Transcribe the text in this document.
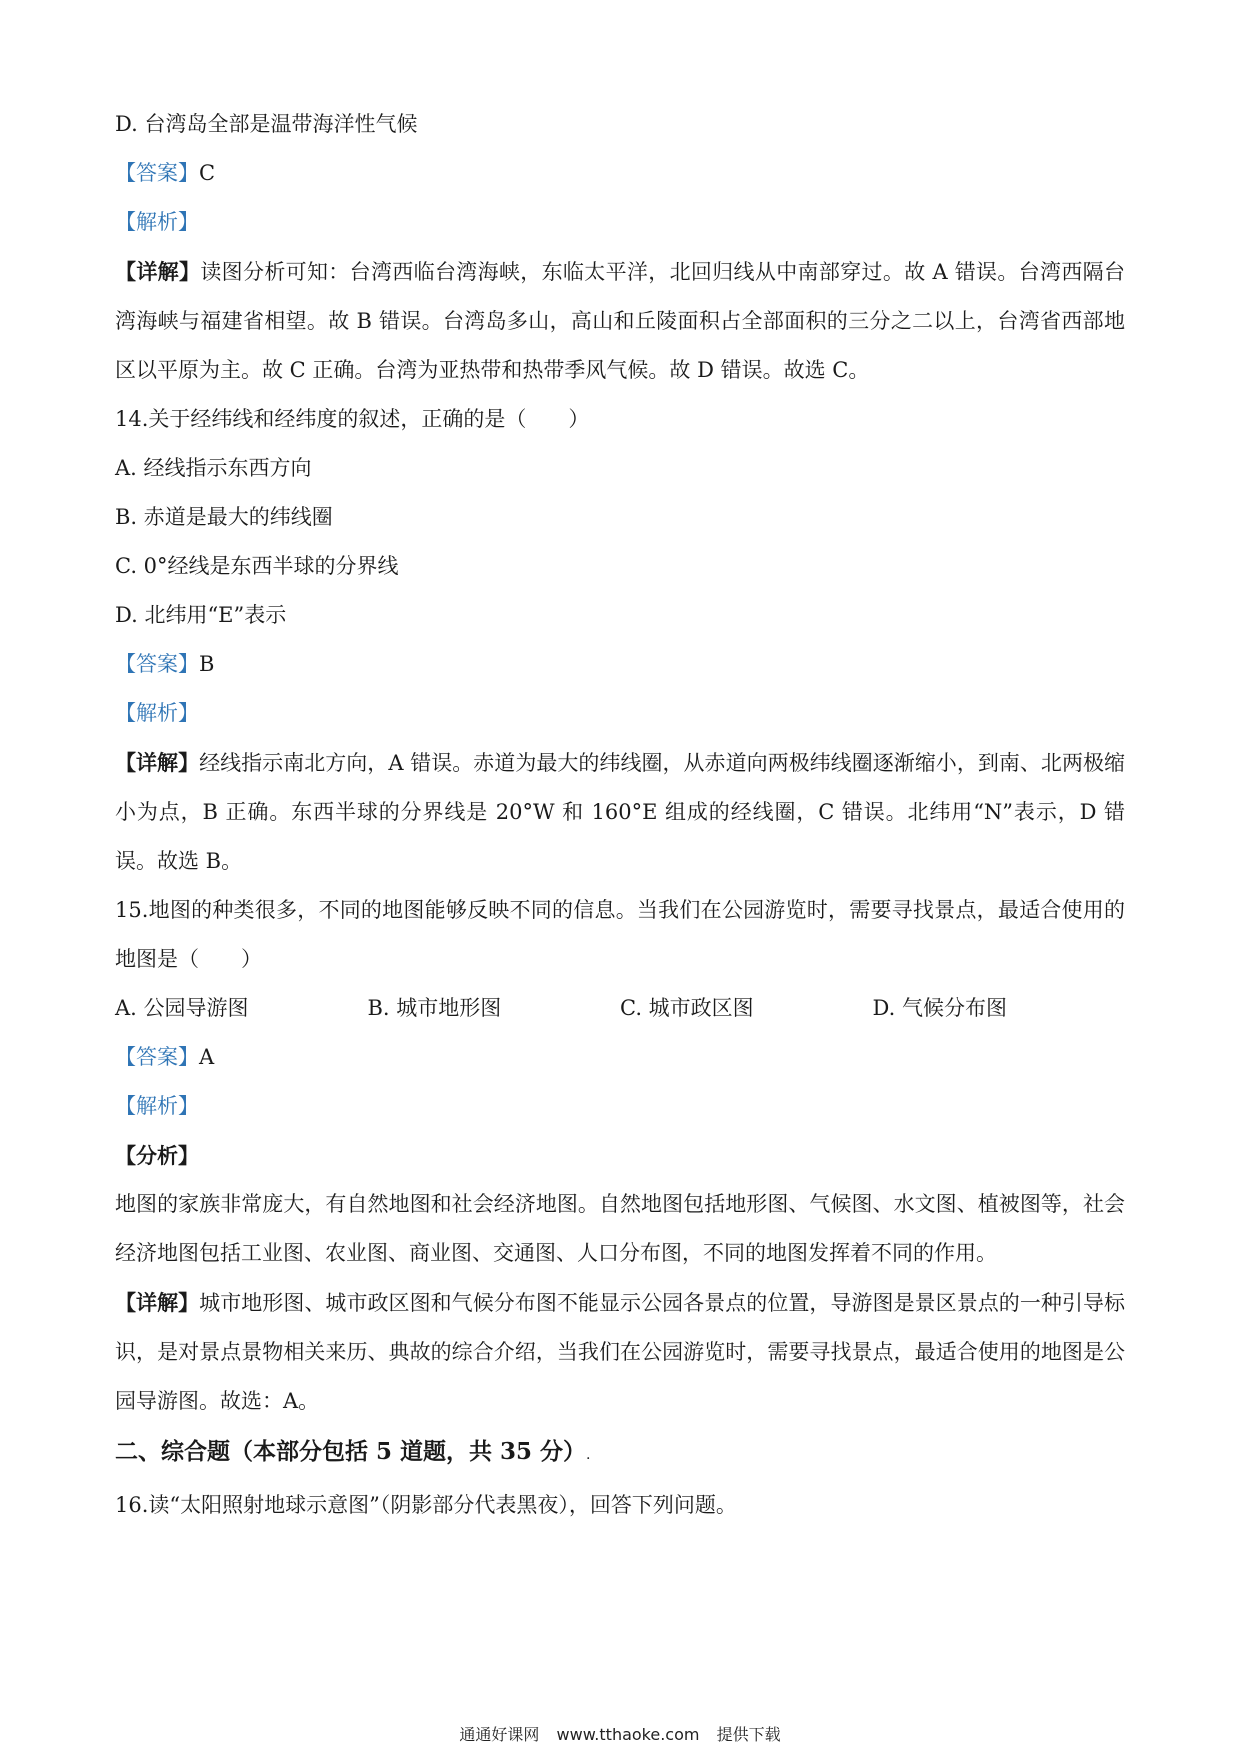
D. 台湾岛全部是温带海洋性气候

【答案】C

【解析】

【详解】读图分析可知：台湾西临台湾海峡，东临太平洋，北回归线从中南部穿过。故 A 错误。台湾西隔台湾海峡与福建省相望。故 B 错误。台湾岛多山，高山和丘陵面积占全部面积的三分之二以上，台湾省西部地区以平原为主。故 C 正确。台湾为亚热带和热带季风气候。故 D 错误。故选 C。

14.关于经纬线和经纬度的叙述，正确的是（　　）

A. 经线指示东西方向

B. 赤道是最大的纬线圈

C. 0°经线是东西半球的分界线

D. 北纬用“E”表示

【答案】B

【解析】

【详解】经线指示南北方向，A 错误。赤道为最大的纬线圈，从赤道向两极纬线圈逐渐缩小，到南、北两极缩小为点，B 正确。东西半球的分界线是 20°W 和 160°E 组成的经线圈，C 错误。北纬用“N”表示，D 错误。故选 B。

15.地图的种类很多，不同的地图能够反映不同的信息。当我们在公园游览时，需要寻找景点，最适合使用的地图是（　　）

A. 公园导游图	B. 城市地形图	C. 城市政区图	D. 气候分布图

【答案】A

【解析】

【分析】

地图的家族非常庞大，有自然地图和社会经济地图。自然地图包括地形图、气候图、水文图、植被图等，社会经济地图包括工业图、农业图、商业图、交通图、人口分布图，不同的地图发挥着不同的作用。

【详解】城市地形图、城市政区图和气候分布图不能显示公园各景点的位置，导游图是景区景点的一种引导标识，是对景点景物相关来历、典故的综合介绍，当我们在公园游览时，需要寻找景点，最适合使用的地图是公园导游图。故选：A。

二、综合题（本部分包括 5 道题，共 35 分）.

16.读“太阳照射地球示意图”（阴影部分代表黑夜），回答下列问题。

通通好课网 www.tthaoke.com 提供下载
